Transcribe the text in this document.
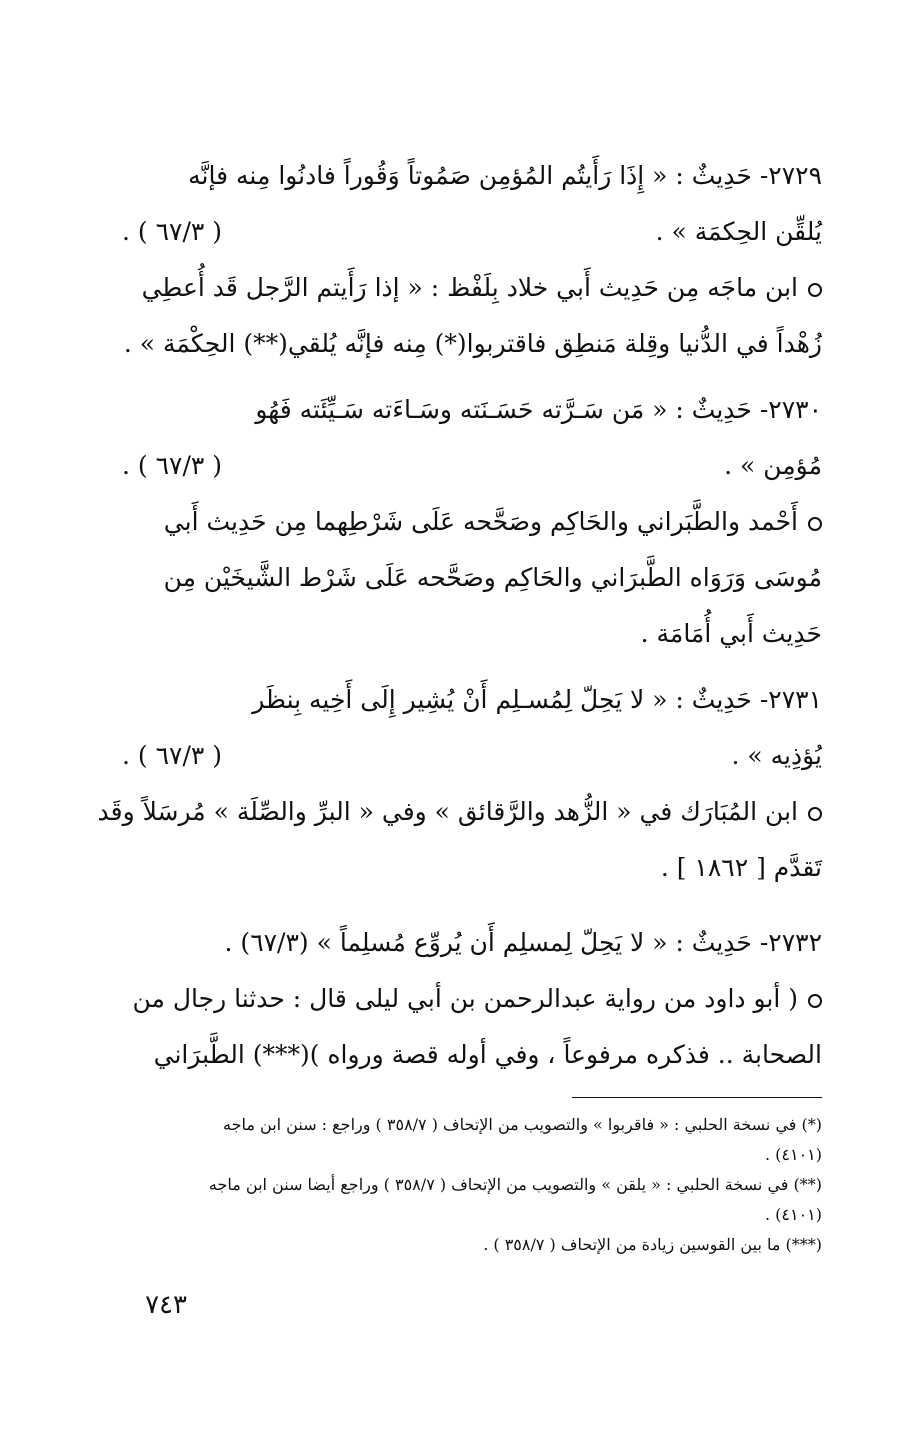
٢٧٢٩- حَدِيثٌ : « إِذَا رَأَيتُم المُؤمِن صَمُوتاً وَقُوراً فادنُوا مِنه فإنَّه
يُلقِّن الحِكمَة » .
( ٦٧/٣ ) .
ابن ماجَه مِن حَدِيث أَبي خلاد بِلَفْظ : « إذا رَأَيتم الرَّجل قَد أُعطِي
زُهْداً في الدُّنيا وقِلة مَنطِق فاقتربوا(*) مِنه فإنَّه يُلقي(**) الحِكْمَة » .
٢٧٣٠- حَدِيثٌ : « مَن سَـرَّته حَسَـنَته وسَـاءَته سَـيِّئَته فَهُو
مُؤمِن » .
( ٦٧/٣ ) .
أَحْمد والطَّبَراني والحَاكِم وصَحَّحه عَلَى شَرْطِهما مِن حَدِيث أَبي
مُوسَى وَرَوَاه الطَّبرَاني والحَاكِم وصَحَّحه عَلَى شَرْط الشَّيخَيْن مِن
حَدِيث أَبي أُمَامَة .
٢٧٣١- حَدِيثٌ : « لا يَحِلّ لِمُسـلِم أَنْ يُشِير إِلَى أَخِيه بِنظَر
يُؤذِيه » .
( ٦٧/٣ ) .
ابن المُبَارَك في « الزُّهد والرَّقائق » وفي « البرِّ والصِّلَة » مُرسَلاً وقَد
تَقدَّم [ ١٨٦٢ ] .
٢٧٣٢- حَدِيثٌ : « لا يَحِلّ لِمسلِم أَن يُروِّع مُسلِماً » (٦٧/٣) .
( أبو داود من رواية عبدالرحمن بن أبي ليلى قال : حدثنا رجال من
الصحابة .. فذكره مرفوعاً ، وفي أوله قصة ورواه )(***) الطَّبرَاني
(*) في نسخة الحلبي : « فاقربوا » والتصويب من الإتحاف ( ٣٥٨/٧ ) وراجع : سنن ابن ماجه
(٤١٠١) .
(**) في نسخة الحلبي : « يلقن » والتصويب من الإتحاف ( ٣٥٨/٧ ) وراجع أيضا سنن ابن ماجه
(٤١٠١) .
(***) ما بين القوسين زيادة من الإتحاف ( ٣٥٨/٧ ) .
٧٤٣
